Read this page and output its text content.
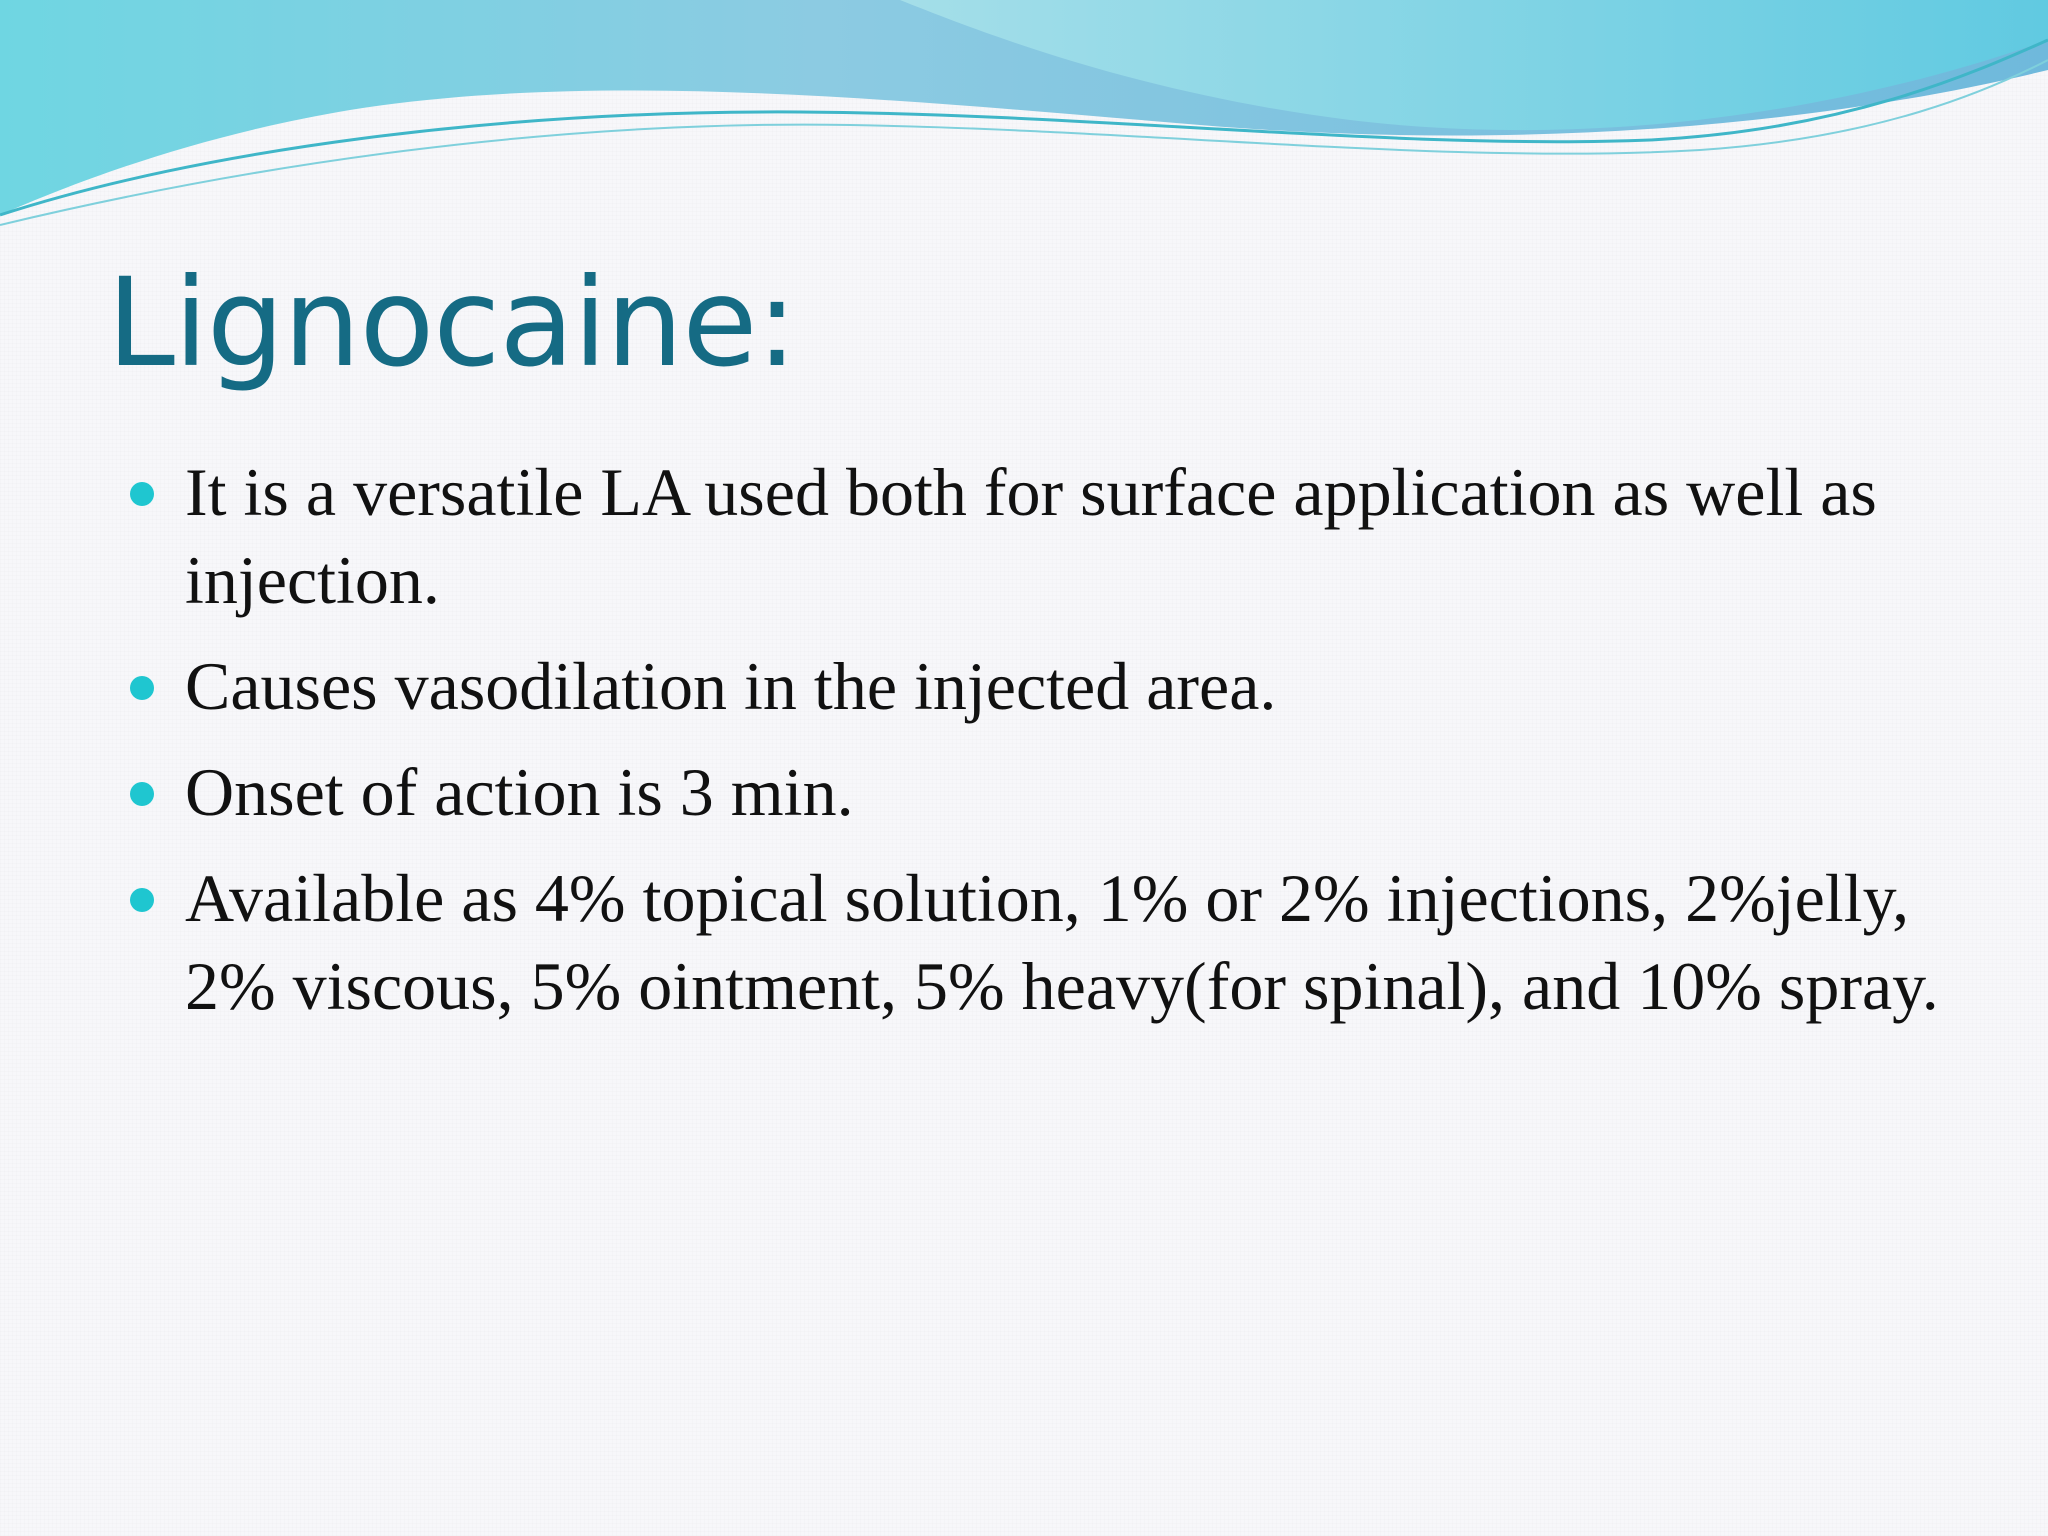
Lignocaine:
It is a versatile LA used both for surface application as well as injection.
Causes vasodilation in the injected area.
Onset of action is 3 min.
Available as 4% topical solution, 1% or 2% injections, 2%jelly, 2% viscous, 5% ointment, 5% heavy(for spinal), and 10% spray.
